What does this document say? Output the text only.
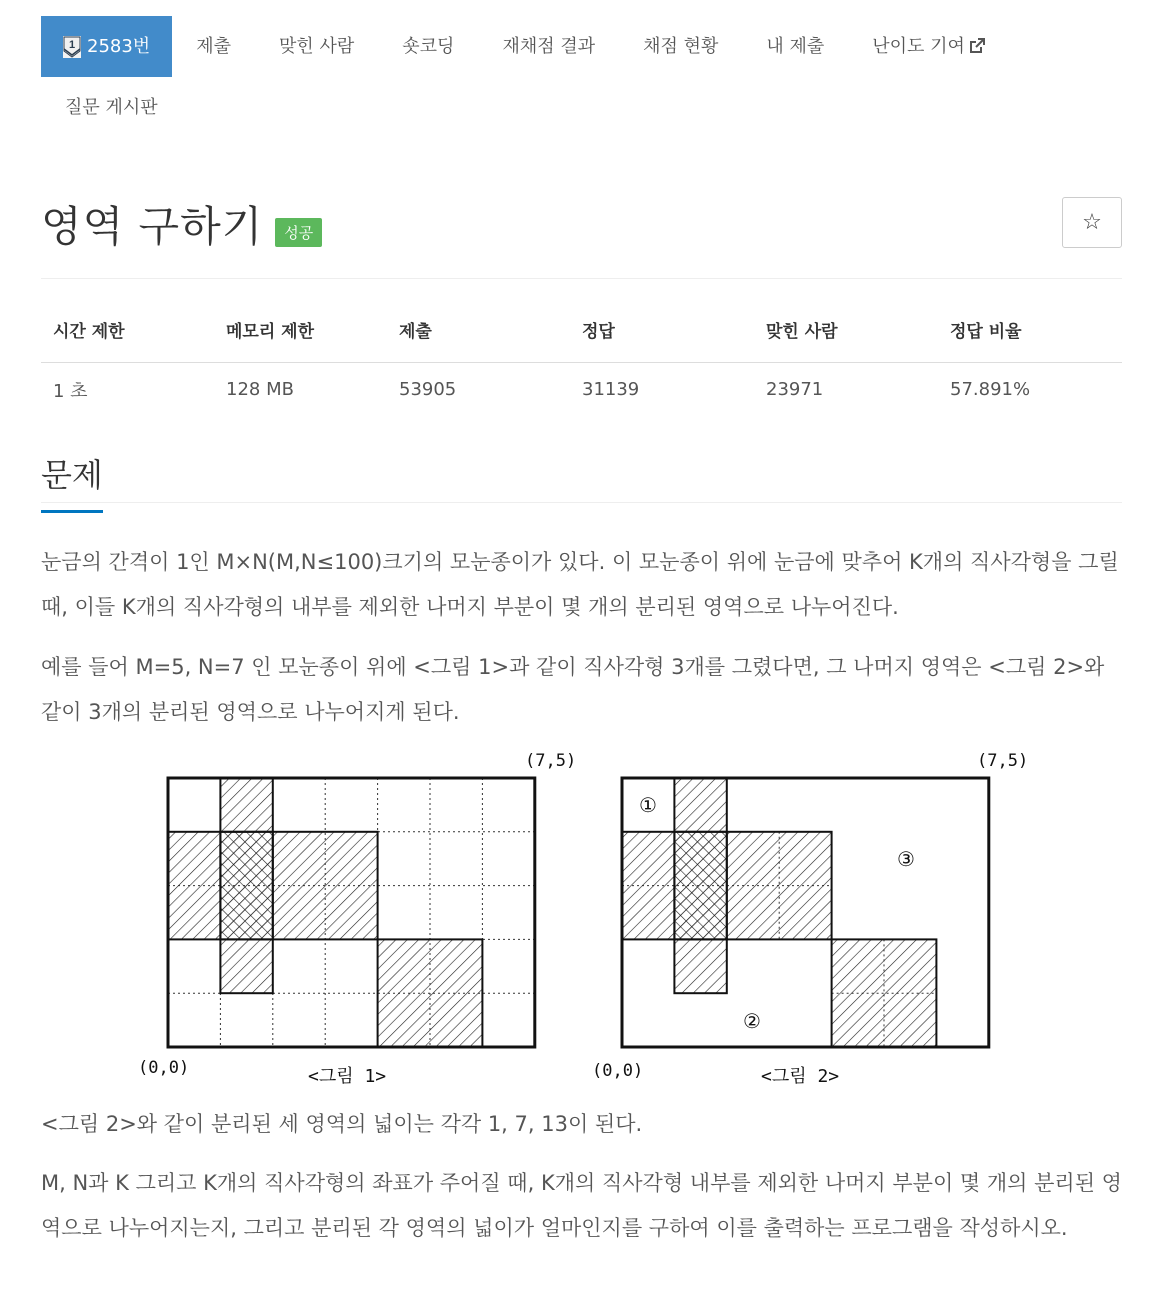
1 2583번	제출	맞힌 사람	숏코딩	재채점 결과	채점 현황	내 제출	난이도 기여
질문 게시판
영역 구하기	성공	☆
시간 제한	메모리 제한	제출	정답	맞힌 사람	정답 비율
1 초	128 MB	53905	31139	23971	57.891%
문제

눈금의 간격이 1인 M×N(M,N≤100)크기의 모눈종이가 있다. 이 모눈종이 위에 눈금에 맞추어 K개의 직사각형을 그릴 때, 이들 K개의 직사각형의 내부를 제외한 나머지 부분이 몇 개의 분리된 영역으로 나누어진다.

예를 들어 M=5, N=7 인 모눈종이 위에 <그림 1>과 같이 직사각형 3개를 그렸다면, 그 나머지 영역은 <그림 2>와 같이 3개의 분리된 영역으로 나누어지게 된다.

(0,0)
(7,5)
<그림 1>
①
②
③
(0,0)
(7,5)
<그림 2>

<그림 2>와 같이 분리된 세 영역의 넓이는 각각 1, 7, 13이 된다.

M, N과 K 그리고 K개의 직사각형의 좌표가 주어질 때, K개의 직사각형 내부를 제외한 나머지 부분이 몇 개의 분리된 영역으로 나누어지는지, 그리고 분리된 각 영역의 넓이가 얼마인지를 구하여 이를 출력하는 프로그램을 작성하시오.
